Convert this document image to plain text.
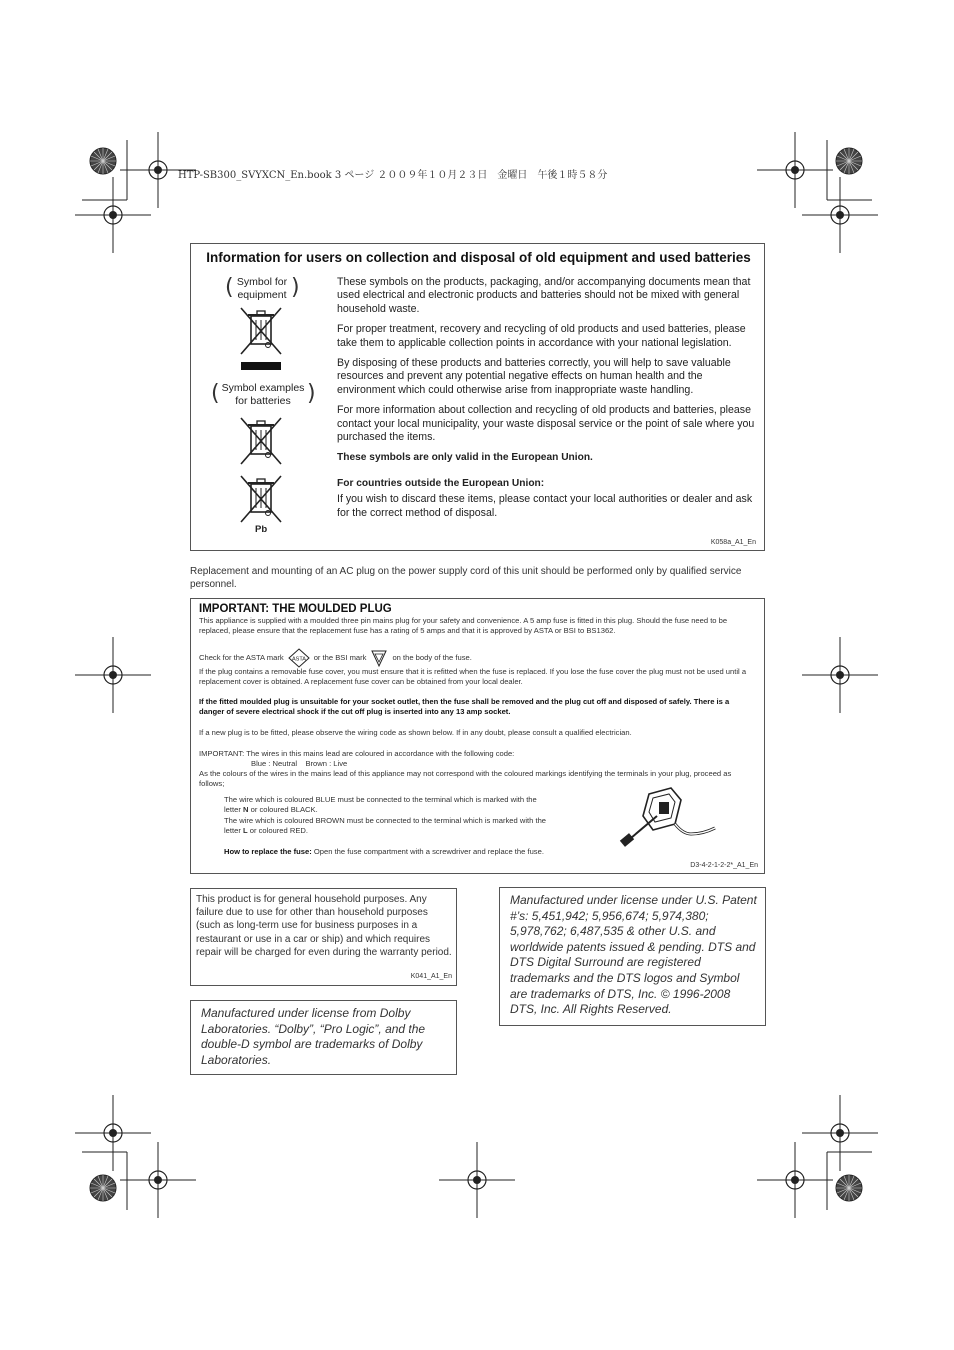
HTP-SB300_SVYXCN_En.book 3 ページ ２００９年１０月２３日　金曜日　午後１時５８分
Information for users on collection and disposal of old equipment and used batteries
(	)
Symbol for
equipment
(	)
Symbol examples
for batteries
Pb

These symbols on the products, packaging, and/or accompanying documents mean that used electrical and electronic products and batteries should not be mixed with general household waste.

For proper treatment, recovery and recycling of old products and used batteries, please take them to applicable collection points in accordance with your national legislation.

By disposing of these products and batteries correctly, you will help to save valuable resources and prevent any potential negative effects on human health and the environment which could otherwise arise from inappropriate waste handling.

For more information about collection and recycling of old products and batteries, please contact your local municipality, your waste disposal service or the point of sale where you purchased the items.

These symbols are only valid in the European Union.

For countries outside the European Union:

If you wish to discard these items, please contact your local authorities or dealer and ask for the correct method of disposal.

K058a_A1_En
Replacement and mounting of an AC plug on the power supply cord of this unit should be performed only by qualified service personnel.
IMPORTANT: THE MOULDED PLUG
This appliance is supplied with a moulded three pin mains plug for your safety and convenience. A 5 amp fuse is fitted in this plug. Should the fuse need to be replaced, please ensure that the replacement fuse has a rating of 5 amps and that it is approved by ASTA or BSI to BS1362.
Check for the ASTA mark ASTA or the BSI mark	on the body of the fuse.
If the plug contains a removable fuse cover, you must ensure that it is refitted when the fuse is replaced. If you lose the fuse cover the plug must not be used until a replacement cover is obtained. A replacement fuse cover can be obtained from your local dealer.
If the fitted moulded plug is unsuitable for your socket outlet, then the fuse shall be removed and the plug cut off and disposed of safely. There is a danger of severe electrical shock if the cut off plug is inserted into any 13 amp socket.
If a new plug is to be fitted, please observe the wiring code as shown below. If in any doubt, please consult a qualified electrician.
IMPORTANT: The wires in this mains lead are coloured in accordance with the following code:
Blue : Neutral    Brown : Live
As the colours of the wires in the mains lead of this appliance may not correspond with the coloured markings identifying the terminals in your plug, proceed as follows;
The wire which is coloured BLUE must be connected to the terminal which is marked with the
letter N or coloured BLACK.
The wire which is coloured BROWN must be connected to the terminal which is marked with the
letter L or coloured RED.
How to replace the fuse: Open the fuse compartment with a screwdriver and replace the fuse.
D3-4-2-1-2-2*_A1_En
This product is for general household purposes. Any failure due to use for other than household purposes (such as long-term use for business purposes in a restaurant or use in a car or ship) and which requires repair will be charged for even during the warranty period.
K041_A1_En
Manufactured under license from Dolby Laboratories. “Dolby”, “Pro Logic”, and the double-D symbol are trademarks of Dolby Laboratories.
Manufactured under license under U.S. Patent #’s: 5,451,942; 5,956,674; 5,974,380; 5,978,762; 6,487,535 & other U.S. and worldwide patents issued & pending. DTS and DTS Digital Surround are registered trademarks and the DTS logos and Symbol are trademarks of DTS, Inc. © 1996-2008 DTS, Inc. All Rights Reserved.
